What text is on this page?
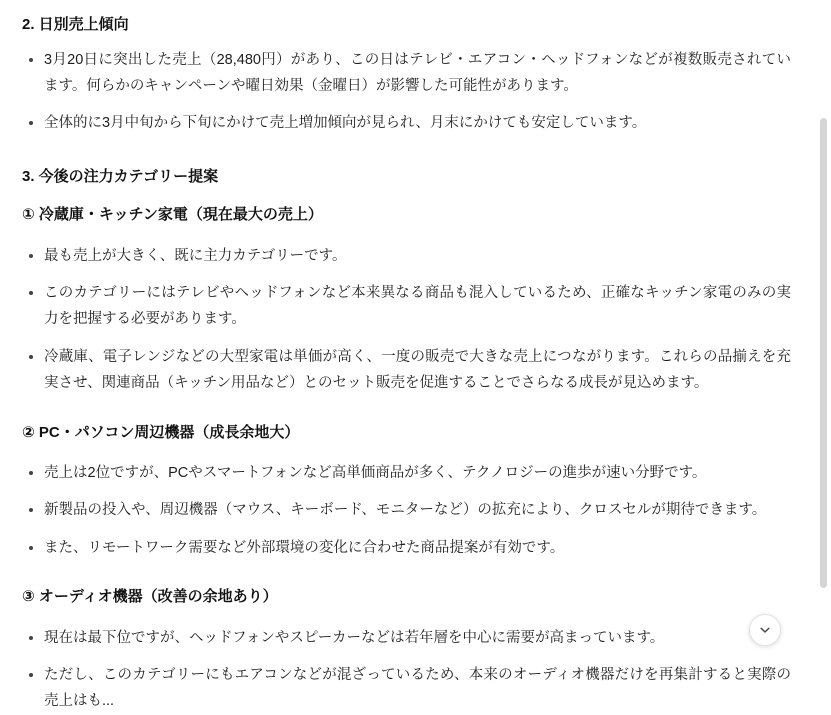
2. 日別売上傾向
3月20日に突出した売上（28,480円）があり、この日はテレビ・エアコン・ヘッドフォンなどが複数販売されています。何らかのキャンペーンや曜日効果（金曜日）が影響した可能性があります。
全体的に3月中旬から下旬にかけて売上増加傾向が見られ、月末にかけても安定しています。
3. 今後の注力カテゴリー提案
① 冷蔵庫・キッチン家電（現在最大の売上）
最も売上が大きく、既に主力カテゴリーです。
このカテゴリーにはテレビやヘッドフォンなど本来異なる商品も混入しているため、正確なキッチン家電のみの実力を把握する必要があります。
冷蔵庫、電子レンジなどの大型家電は単価が高く、一度の販売で大きな売上につながります。これらの品揃えを充実させ、関連商品（キッチン用品など）とのセット販売を促進することでさらなる成長が見込めます。
② PC・パソコン周辺機器（成長余地大）
売上は2位ですが、PCやスマートフォンなど高単価商品が多く、テクノロジーの進歩が速い分野です。
新製品の投入や、周辺機器（マウス、キーボード、モニターなど）の拡充により、クロスセルが期待できます。
また、リモートワーク需要など外部環境の変化に合わせた商品提案が有効です。
③ オーディオ機器（改善の余地あり）
現在は最下位ですが、ヘッドフォンやスピーカーなどは若年層を中心に需要が高まっています。
ただし、このカテゴリーにもエアコンなどが混ざっているため、本来のオーディオ機器だけを再集計すると実際の売上はも...
